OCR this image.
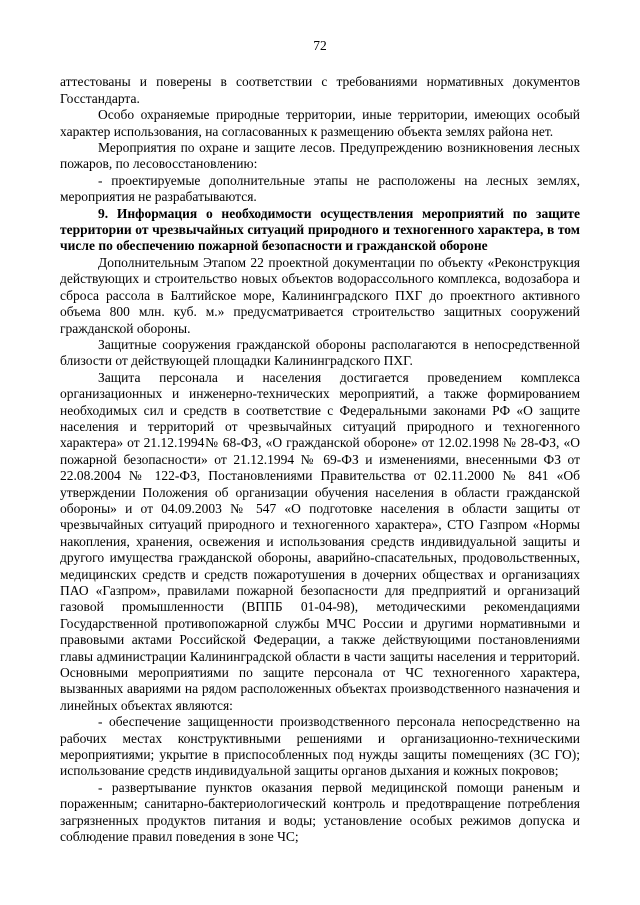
72

аттестованы и поверены в соответствии с требованиями нормативных документов Госстандарта.

Особо охраняемые природные территории, иные территории, имеющих особый характер использования, на согласованных к размещению объекта землях района нет.

Мероприятия по охране и защите лесов. Предупреждению возникновения лесных пожаров, по лесовосстановлению:

- проектируемые дополнительные этапы не расположены на лесных землях, мероприятия не разрабатываются.

9. Информация о необходимости осуществления мероприятий по защите территории от чрезвычайных ситуаций природного и техногенного характера, в том числе по обеспечению пожарной безопасности и гражданской обороне

Дополнительным Этапом 22 проектной документации по объекту «Реконструкция действующих и строительство новых объектов водорассольного комплекса, водозабора и сброса рассола в Балтийское море, Калининградского ПХГ до проектного активного объема 800 млн. куб. м.» предусматривается строительство защитных сооружений гражданской обороны.

Защитные сооружения гражданской обороны располагаются в непосредственной близости от действующей площадки Калининградского ПХГ.

Защита персонала и населения достигается проведением комплекса организационных и инженерно-технических мероприятий, а также формированием необходимых сил и средств в соответствие с Федеральными законами РФ «О защите населения и территорий от чрезвычайных ситуаций природного и техногенного характера» от 21.12.1994№ 68-ФЗ, «О гражданской обороне» от 12.02.1998 № 28-ФЗ, «О пожарной безопасности» от 21.12.1994 № 69-ФЗ и изменениями, внесенными ФЗ от 22.08.2004 № 122-ФЗ, Постановлениями Правительства от 02.11.2000 № 841 «Об утверждении Положения об организации обучения населения в области гражданской обороны» и от 04.09.2003 № 547 «О подготовке населения в области защиты от чрезвычайных ситуаций природного и техногенного характера», СТО Газпром «Нормы накопления, хранения, освежения и использования средств индивидуальной защиты и другого имущества гражданской обороны, аварийно-спасательных, продовольственных, медицинских средств и средств пожаротушения в дочерних обществах и организациях ПАО «Газпром», правилами пожарной безопасности для предприятий и организаций газовой промышленности (ВППБ 01-04-98), методическими рекомендациями Государственной противопожарной службы МЧС России и другими нормативными и правовыми актами Российской Федерации, а также действующими постановлениями главы администрации Калининградской области в части защиты населения и территорий. Основными мероприятиями по защите персонала от ЧС техногенного характера, вызванных авариями на рядом расположенных объектах производственного назначения и линейных объектах являются:

- обеспечение защищенности производственного персонала непосредственно на рабочих местах конструктивными решениями и организационно-техническими мероприятиями; укрытие в приспособленных под нужды защиты помещениях (ЗС ГО); использование средств индивидуальной защиты органов дыхания и кожных покровов;

- развертывание пунктов оказания первой медицинской помощи раненым и пораженным; санитарно-бактериологический контроль и предотвращение потребления загрязненных продуктов питания и воды; установление особых режимов допуска и соблюдение правил поведения в зоне ЧС;
